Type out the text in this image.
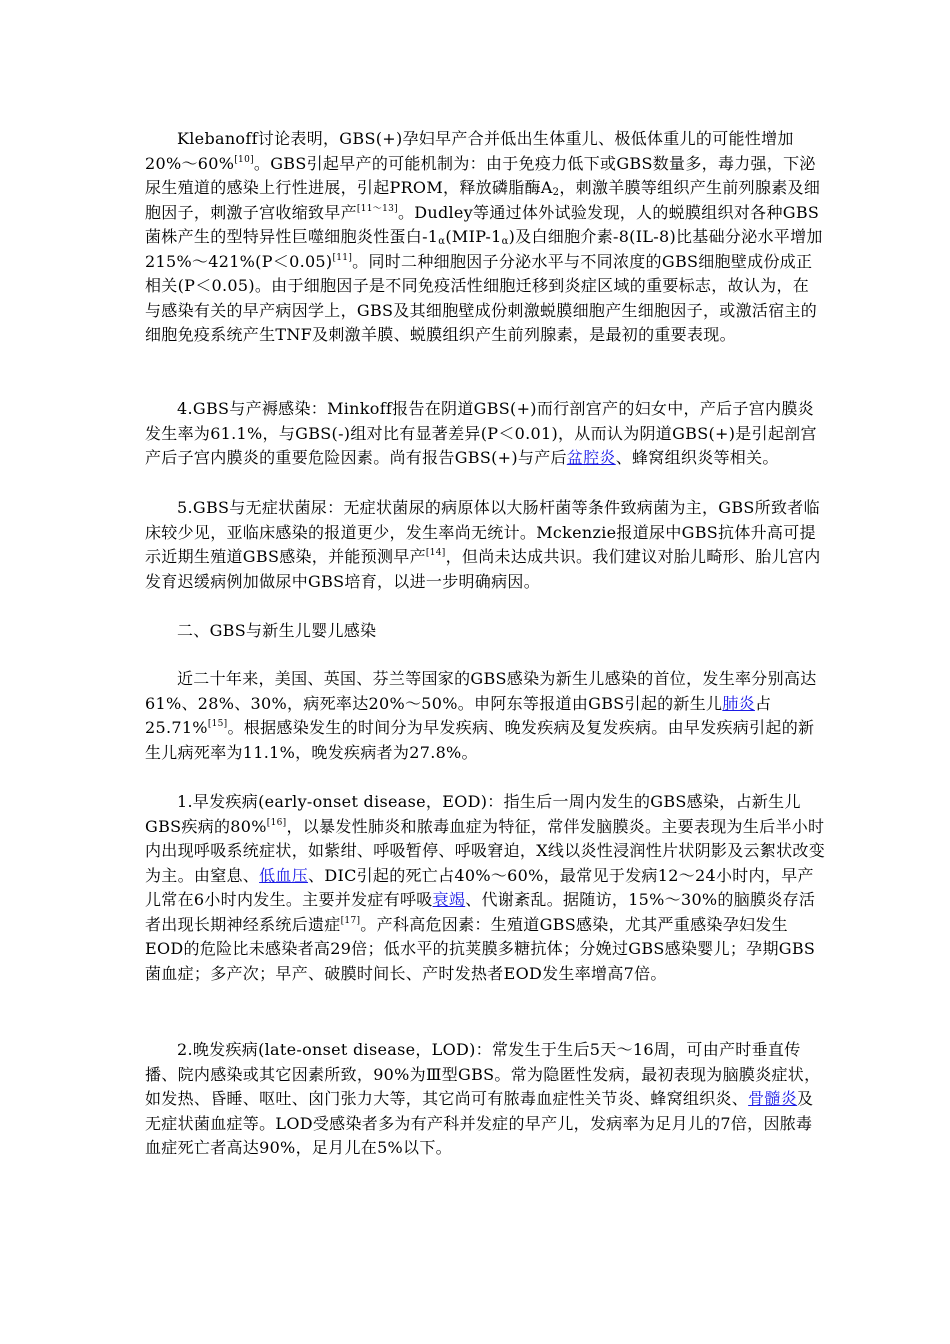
Klebanoff讨论表明，GBS(+)孕妇早产合并低出生体重儿、极低体重儿的可能性增加20%～60%[10]。GBS引起早产的可能机制为：由于免疫力低下或GBS数量多，毒力强，下泌尿生殖道的感染上行性进展，引起PROM，释放磷脂酶$A_2$，刺激羊膜等组织产生前列腺素及细胞因子，刺激子宫收缩致早产[11～13]。Dudley等通过体外试验发现，人的蜕膜组织对各种GBS菌株产生的型特异性巨噬细胞炎性蛋白$-1_\alpha(MIP-1_\alpha)$及白细胞介素-8(IL-8)比基础分泌水平增加215%～421%(P＜0.05)[11]。同时二种细胞因子分泌水平与不同浓度的GBS细胞壁成份成正相关(P＜0.05)。由于细胞因子是不同免疫活性细胞迁移到炎症区域的重要标志，故认为，在与感染有关的早产病因学上，GBS及其细胞壁成份刺激蜕膜细胞产生细胞因子，或激活宿主的细胞免疫系统产生TNF及刺激羊膜、蜕膜组织产生前列腺素，是最初的重要表现。

4.GBS与产褥感染：Minkoff报告在阴道GBS(+)而行剖宫产的妇女中，产后子宫内膜炎发生率为61.1%，与GBS(-)组对比有显著差异(P＜0.01)，从而认为阴道GBS(+)是引起剖宫产后子宫内膜炎的重要危险因素。尚有报告GBS(+)与产后盆腔炎、蜂窝组织炎等相关。

5.GBS与无症状菌尿：无症状菌尿的病原体以大肠杆菌等条件致病菌为主，GBS所致者临床较少见，亚临床感染的报道更少，发生率尚无统计。Mckenzie报道尿中GBS抗体升高可提示近期生殖道GBS感染，并能预测早产[14]，但尚未达成共识。我们建议对胎儿畸形、胎儿宫内发育迟缓病例加做尿中GBS培育，以进一步明确病因。

二、GBS与新生儿婴儿感染

近二十年来，美国、英国、芬兰等国家的GBS感染为新生儿感染的首位，发生率分别高达61%、28%、30%，病死率达20%～50%。申阿东等报道由GBS引起的新生儿肺炎占25.71%[15]。根据感染发生的时间分为早发疾病、晚发疾病及复发疾病。由早发疾病引起的新生儿病死率为11.1%，晚发疾病者为27.8%。

1.早发疾病(early-onset disease，EOD)：指生后一周内发生的GBS感染，占新生儿GBS疾病的80%[16]，以暴发性肺炎和脓毒血症为特征，常伴发脑膜炎。主要表现为生后半小时内出现呼吸系统症状，如紫绀、呼吸暂停、呼吸窘迫，X线以炎性浸润性片状阴影及云絮状改变为主。由窒息、低血压、DIC引起的死亡占40%～60%，最常见于发病12～24小时内，早产儿常在6小时内发生。主要并发症有呼吸衰竭、代谢紊乱。据随访，15%～30%的脑膜炎存活者出现长期神经系统后遗症[17]。产科高危因素：生殖道GBS感染，尤其严重感染孕妇发生EOD的危险比未感染者高29倍；低水平的抗荚膜多糖抗体；分娩过GBS感染婴儿；孕期GBS菌血症；多产次；早产、破膜时间长、产时发热者EOD发生率增高7倍。

2.晚发疾病(late-onset disease，LOD)：常发生于生后5天～16周，可由产时垂直传播、院内感染或其它因素所致，90%为Ⅲ型GBS。常为隐匿性发病，最初表现为脑膜炎症状，如发热、昏睡、呕吐、囟门张力大等，其它尚可有脓毒血症性关节炎、蜂窝组织炎、骨髓炎及无症状菌血症等。LOD受感染者多为有产科并发症的早产儿，发病率为足月儿的7倍，因脓毒血症死亡者高达90%，足月儿在5%以下。
